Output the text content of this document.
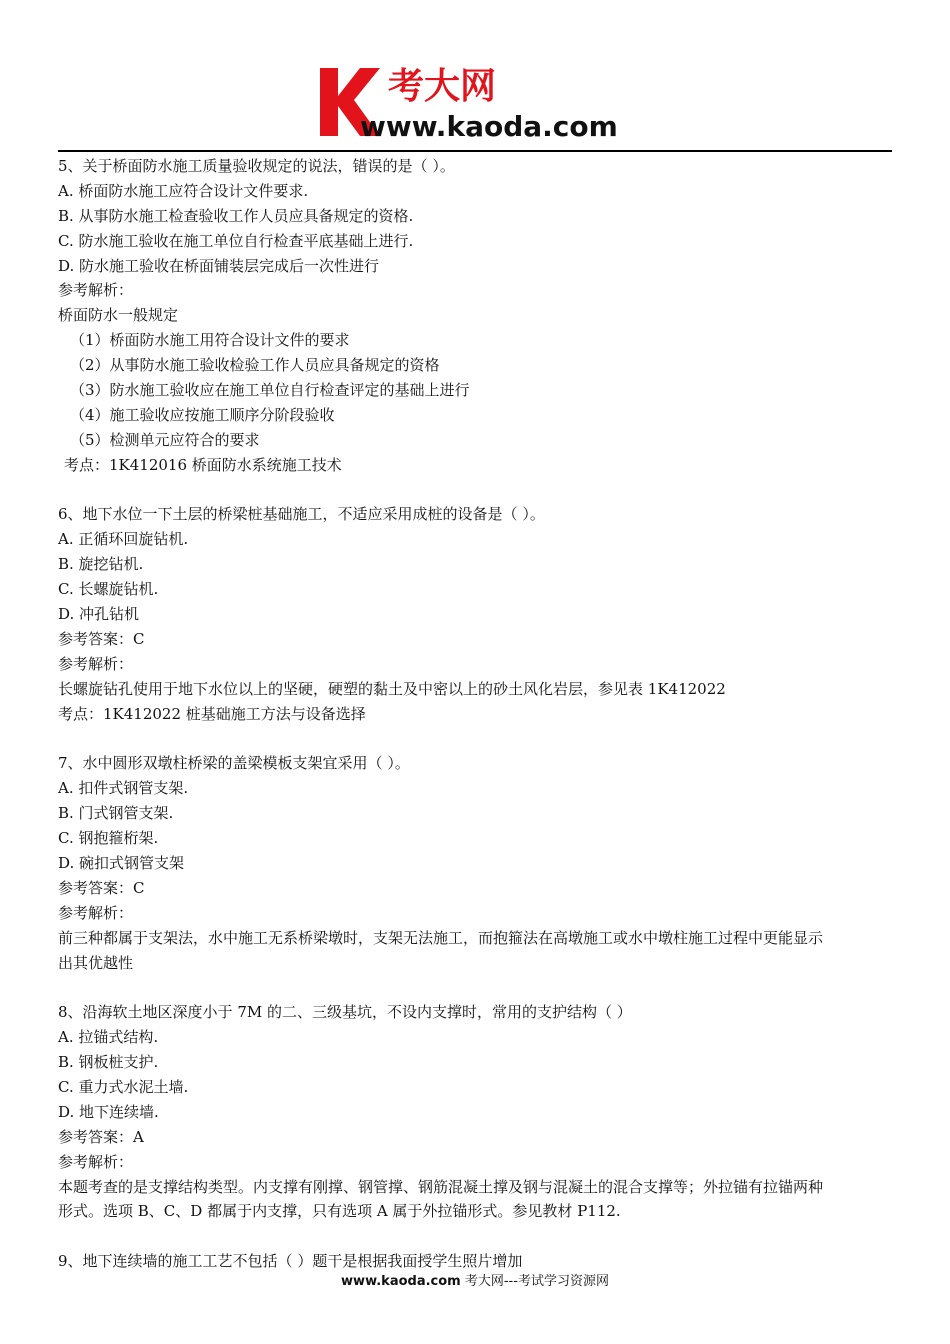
考大网
www.kaoda.com
5、关于桥面防水施工质量验收规定的说法，错误的是（ ）。
A. 桥面防水施工应符合设计文件要求.
B. 从事防水施工检查验收工作人员应具备规定的资格.
C. 防水施工验收在施工单位自行检查平底基础上进行.
D. 防水施工验收在桥面铺装层完成后一次性进行
参考解析：
桥面防水一般规定
（1）桥面防水施工用符合设计文件的要求
（2）从事防水施工验收检验工作人员应具备规定的资格
（3）防水施工验收应在施工单位自行检查评定的基础上进行
（4）施工验收应按施工顺序分阶段验收
（5）检测单元应符合的要求
考点：1K412016 桥面防水系统施工技术
6、地下水位一下土层的桥梁桩基础施工，不适应采用成桩的设备是（ ）。
A. 正循环回旋钻机.
B. 旋挖钻机.
C. 长螺旋钻机.
D. 冲孔钻机
参考答案：C
参考解析：
长螺旋钻孔使用于地下水位以上的坚硬，硬塑的黏土及中密以上的砂土风化岩层，参见表 1K412022
考点：1K412022 桩基础施工方法与设备选择
7、水中圆形双墩柱桥梁的盖梁模板支架宜采用（ ）。
A. 扣件式钢管支架.
B. 门式钢管支架.
C. 钢抱箍桁架.
D. 碗扣式钢管支架
参考答案：C
参考解析：
前三种都属于支架法，水中施工无系桥梁墩时，支架无法施工，而抱箍法在高墩施工或水中墩柱施工过程中更能显示
出其优越性
8、沿海软土地区深度小于 7M 的二、三级基坑，不设内支撑时，常用的支护结构（ ）
A. 拉锚式结构.
B. 钢板桩支护.
C. 重力式水泥土墙.
D. 地下连续墙.
参考答案：A
参考解析：
本题考查的是支撑结构类型。内支撑有刚撑、钢管撑、钢筋混凝土撑及钢与混凝土的混合支撑等；外拉锚有拉锚两种
形式。选项 B、C、D 都属于内支撑，只有选项 A 属于外拉锚形式。参见教材 P112.
9、地下连续墙的施工工艺不包括（ ）题干是根据我面授学生照片增加
www.kaoda.com 考大网---考试学习资源网
